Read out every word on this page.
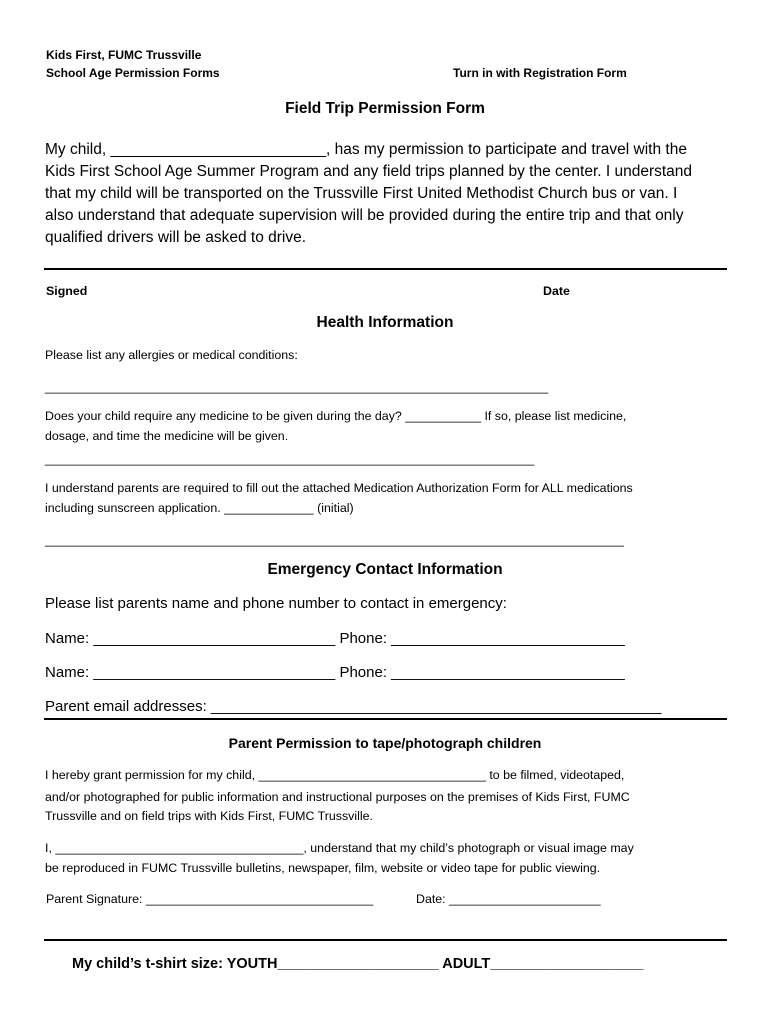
Kids First, FUMC Trussville
School Age Permission Forms	Turn in with Registration Form
Field Trip Permission Form
My child, _________________________, has my permission to participate and travel with the
Kids First School Age Summer Program and any field trips planned by the center. I understand
that my child will be transported on the Trussville First United Methodist Church bus or van. I
also understand that adequate supervision will be provided during the entire trip and that only
qualified drivers will be asked to drive.
Signed	Date
Health Information
Please list any allergies or medical conditions:
_________________________________________________________________________
Does your child require any medicine to be given during the day? ___________ If so, please list medicine,
dosage, and time the medicine will be given.
_______________________________________________________________________
I understand parents are required to fill out the attached Medication Authorization Form for ALL medications
including sunscreen application. _____________ (initial)
____________________________________________________________________________________
Emergency Contact Information
Please list parents name and phone number to contact in emergency:
Name: _____________________________ Phone: ____________________________
Name: _____________________________ Phone: ____________________________
Parent email addresses: ______________________________________________________
Parent Permission to tape/photograph children
I hereby grant permission for my child, _________________________________ to be filmed, videotaped,
and/or photographed for public information and instructional purposes on the premises of Kids First, FUMC
Trussville and on field trips with Kids First, FUMC Trussville.
I, ____________________________________, understand that my child’s photograph or visual image may
be reproduced in FUMC Trussville bulletins, newspaper, film, website or video tape for public viewing.
Parent Signature: _________________________________	Date: ______________________
My child’s t-shirt size: YOUTH____________________ ADULT___________________
